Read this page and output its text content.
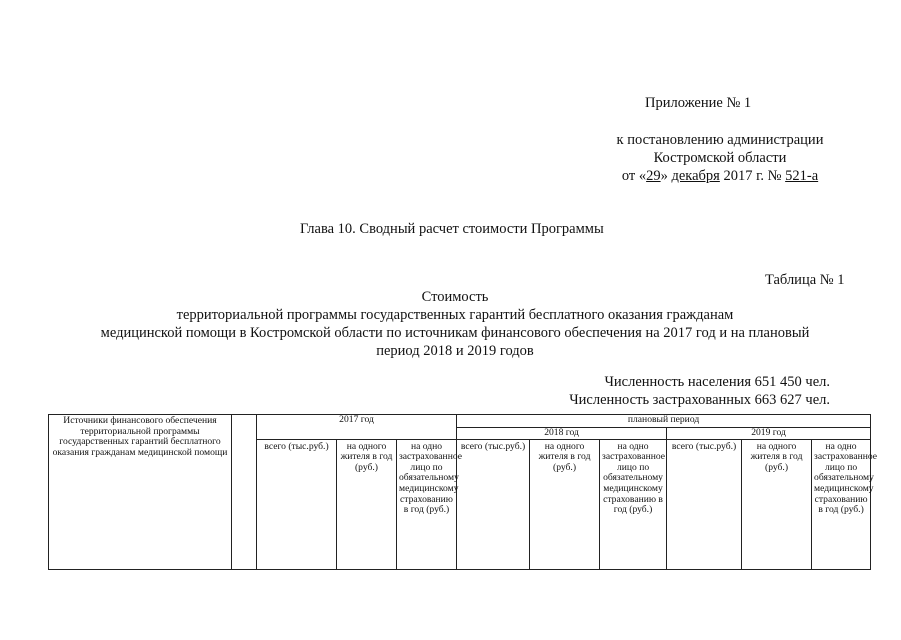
Приложение № 1
к постановлению администрации
Костромской области
от «29» декабря 2017 г. № 521-а
Глава 10. Сводный расчет стоимости Программы
Таблица № 1
Стоимость
территориальной программы государственных гарантий бесплатного оказания гражданам
медицинской помощи в Костромской области по источникам финансового обеспечения на 2017 год и на плановый
период 2018 и 2019 годов
Численность населения 651 450 чел.
Численность застрахованных 663 627 чел.
Источники финансового обеспечения территориальной программы государственных гарантий бесплатного оказания гражданам медицинской помощи		2017 год			плановый период					
					2018 год			2019 год		

		всего (тыс.руб.)	на одного жителя в год (руб.)	на одно застрахованное лицо по обязательному медицинскому страхованию в год (руб.)	всего (тыс.руб.)	на одного жителя в год (руб.)	на одно застрахованное лицо по обязательному медицинскому страхованию в год (руб.)	всего (тыс.руб.)	на одного жителя в год (руб.)	на одно застрахованное лицо по обязательному медицинскому страхованию в год (руб.)
